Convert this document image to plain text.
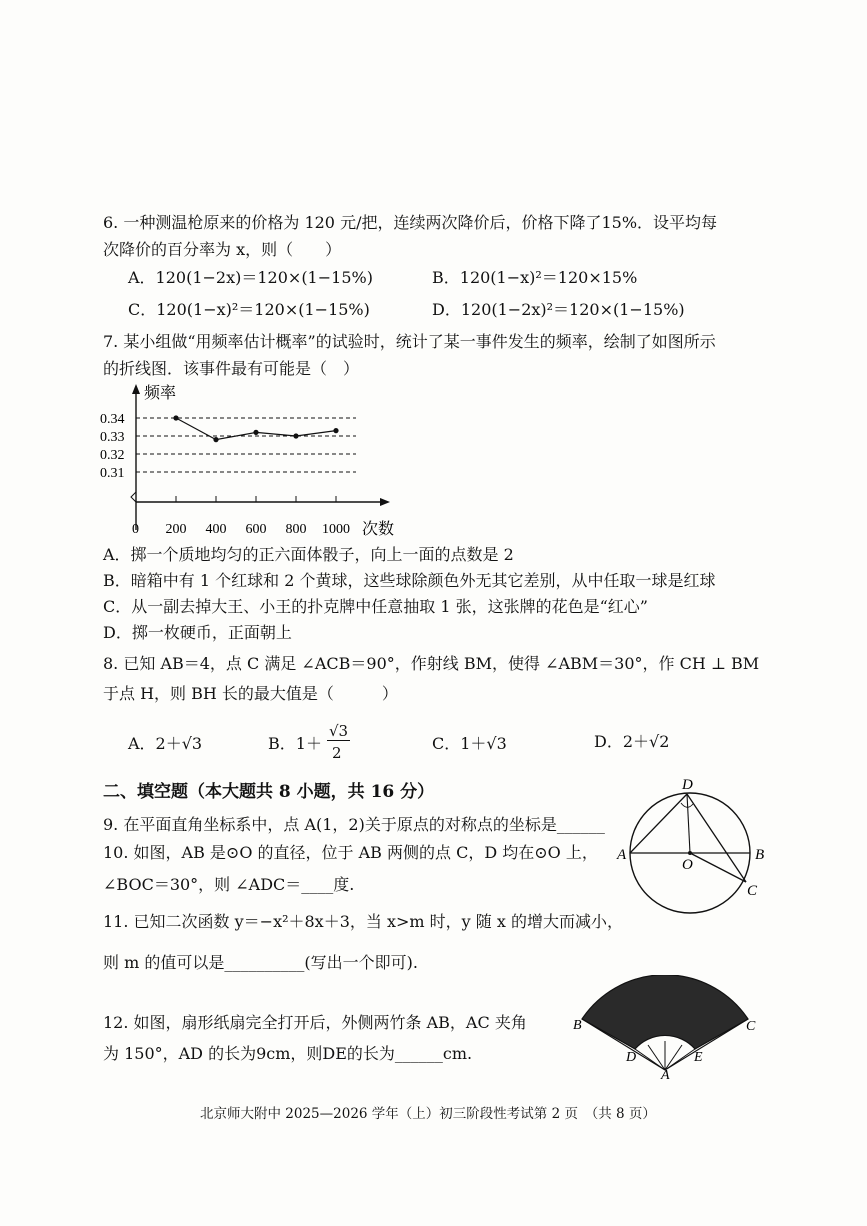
6. 一种测温枪原来的价格为 120 元/把，连续两次降价后，价格下降了15%．设平均每
次降价的百分率为 x，则（　　）
A．120(1−2x)＝120×(1−15%)	B．120(1−x)²＝120×15%
C．120(1−x)²＝120×(1−15%)	D．120(1−2x)²＝120×(1−15%)
7. 某小组做“用频率估计概率”的试验时，统计了某一事件发生的频率，绘制了如图所示
的折线图．该事件最有可能是（　）
频率
次数
0
0.34
0.33
0.32
0.31
200 400 600 800 1000
A．掷一个质地均匀的正六面体骰子，向上一面的点数是 2
B．暗箱中有 1 个红球和 2 个黄球，这些球除颜色外无其它差别，从中任取一球是红球
C．从一副去掉大王、小王的扑克牌中任意抽取 1 张，这张牌的花色是“红心”
D．掷一枚硬币，正面朝上
8. 已知 AB＝4，点 C 满足 ∠ACB＝90°，作射线 BM，使得 ∠ABM＝30°，作 CH ⊥ BM
于点 H，则 BH 长的最大值是（　　　）
A．2＋√3	B．1＋
√3
2	C．1＋√3	D．2＋√2
二、填空题（本大题共 8 小题，共 16 分）
9. 在平面直角坐标系中，点 A(1，2)关于原点的对称点的坐标是______
10. 如图，AB 是⊙O 的直径，位于 AB 两侧的点 C，D 均在⊙O 上，
∠BOC＝30°，则 ∠ADC＝____度.
D
A	B
O
C
11. 已知二次函数 y＝−x²＋8x＋3，当 x>m 时，y 随 x 的增大而减小，
则 m 的值可以是__________(写出一个即可).
12. 如图，扇形纸扇完全打开后，外侧两竹条 AB，AC 夹角
为 150°，AD 的长为9cm，则DE的长为______cm.
B	C
D	E
A
北京师大附中 2025—2026 学年（上）初三阶段性考试第 2 页　（共 8 页）
